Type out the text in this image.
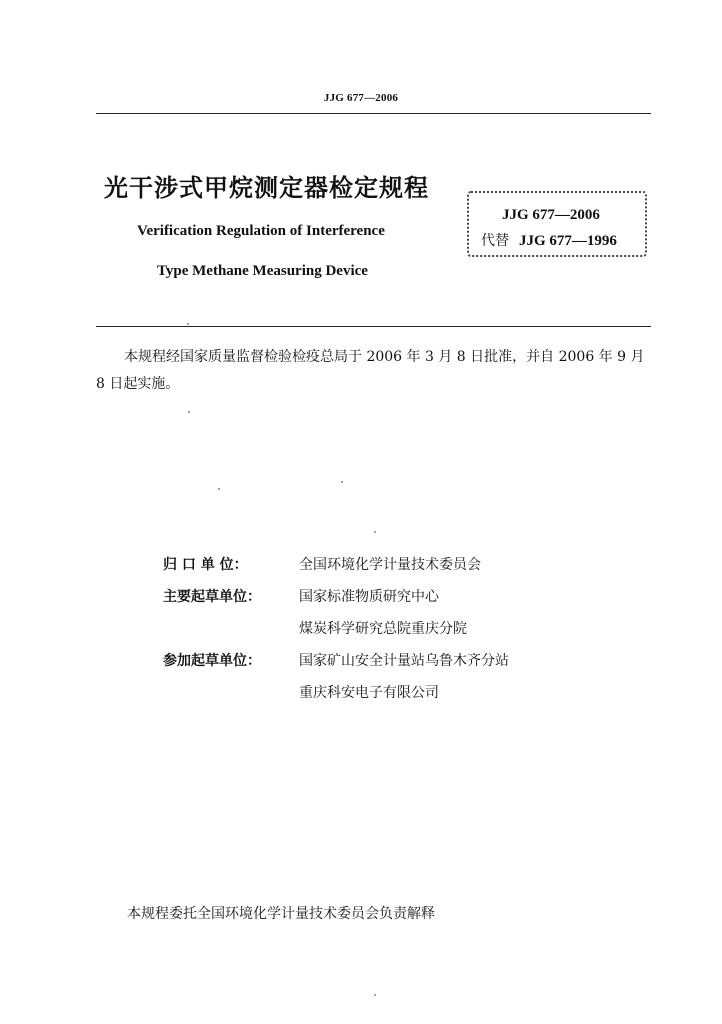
JJG 677—2006
光干涉式甲烷测定器检定规程
Verification Regulation of Interference
Type Methane Measuring Device
JJG 677—2006
代替 JJG 677—1996
本规程经国家质量监督检验检疫总局于 2006 年 3 月 8 日批准，并自 2006 年 9 月 8 日起实施。
归 口 单 位：	全国环境化学计量技术委员会
主要起草单位：	国家标准物质研究中心
煤炭科学研究总院重庆分院
参加起草单位：	国家矿山安全计量站乌鲁木齐分站
重庆科安电子有限公司
本规程委托全国环境化学计量技术委员会负责解释
